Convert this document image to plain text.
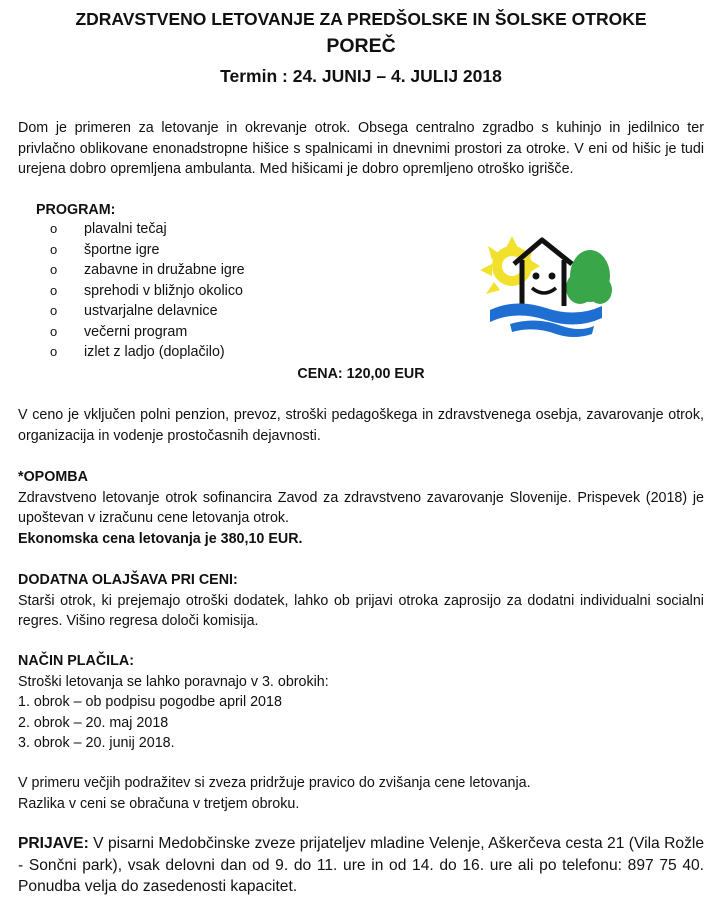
ZDRAVSTVENO LETOVANJE ZA PREDŠOLSKE IN ŠOLSKE OTROKE
POREČ
Termin : 24. JUNIJ – 4. JULIJ 2018
Dom je primeren za letovanje in okrevanje otrok. Obsega centralno zgradbo s kuhinjo in jedilnico ter privlačno oblikovane enonadstropne hišice s spalnicami in dnevnimi prostori za otroke. V eni od hišic je tudi urejena dobro opremljena ambulanta. Med hišicami je dobro opremljeno otroško igrišče.
PROGRAM:
o	plavalni tečaj
o	športne igre
o	zabavne in družabne igre
o	sprehodi v bližnjo okolico
o	ustvarjalne delavnice
o	večerni program
o	izlet z ladjo (doplačilo)
CENA: 120,00 EUR
V ceno je vključen polni penzion, prevoz, stroški pedagoškega in zdravstvenega osebja, zavarovanje otrok, organizacija in vodenje prostočasnih dejavnosti.
*OPOMBA
Zdravstveno letovanje otrok sofinancira Zavod za zdravstveno zavarovanje Slovenije. Prispevek (2018) je upoštevan v izračunu cene letovanja otrok.
Ekonomska cena letovanja je 380,10 EUR.
DODATNA OLAJŠAVA PRI CENI:
Starši otrok, ki prejemajo otroški dodatek, lahko ob prijavi otroka zaprosijo za dodatni individualni socialni regres. Višino regresa določi komisija.
NAČIN PLAČILA:
Stroški letovanja se lahko poravnajo v 3. obrokih:
1. obrok – ob podpisu pogodbe april 2018
2. obrok – 20. maj 2018
3. obrok – 20. junij 2018.
V primeru večjih podražitev si zveza pridržuje pravico do zvišanja cene letovanja.
Razlika v ceni se obračuna v tretjem obroku.
PRIJAVE: V pisarni Medobčinske zveze prijateljev mladine Velenje, Aškerčeva cesta 21 (Vila Rožle - Sončni park), vsak delovni dan od 9. do 11. ure in od 14. do 16. ure ali po telefonu: 897 75 40. Ponudba velja do zasedenosti kapacitet.
